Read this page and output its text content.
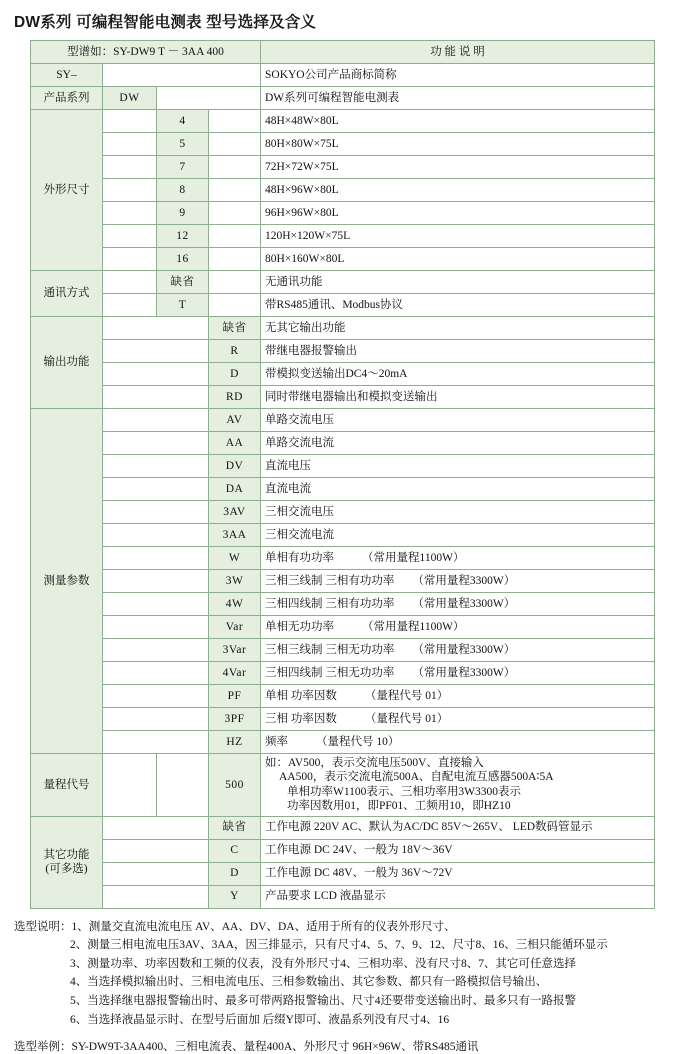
DW系列 可编程智能电测表 型号选择及含义
型谱如：SY-DW9 T － 3AA 400				功 能 说 明
SY–				SOKYO公司产品商标简称
产品系列	DW			DW系列可编程智能电测表
外形尺寸		4		48H×48W×80L
		5		80H×80W×75L
		7		72H×72W×75L
		8		48H×96W×80L
		9		96H×96W×80L
		12		120H×120W×75L
		16		80H×160W×80L
通讯方式		缺省		无通讯功能
		T		带RS485通讯、Modbus协议
输出功能			缺省	无其它输出功能
			R	带继电器报警输出
			D	带模拟变送输出DC4～20mA
			RD	同时带继电器输出和模拟变送输出
测量参数			AV	单路交流电压
			AA	单路交流电流
			DV	直流电压
			DA	直流电流
			3AV	三相交流电压
			3AA	三相交流电流
			W	单相有功功率 （常用量程1100W）
			3W	三相三线制 三相有功功率 （常用量程3300W）
			4W	三相四线制 三相有功功率 （常用量程3300W）
			Var	单相无功功率 （常用量程1100W）
			3Var	三相三线制 三相无功功率 （常用量程3300W）
			4Var	三相四线制 三相无功功率 （常用量程3300W）
			PF	单相 功率因数 （量程代号 01）
			3PF	三相 功率因数 （量程代号 01）
			HZ	频率 （量程代号 10）
量程代号			500	如：AV500，表示交流电压500V、直接输入
AA500，表示交流电流500A、自配电流互感器500A∶5A
单相功率W1100表示、三相功率用3W3300表示
功率因数用01，即PF01、工频用10，即HZ10

其它功能
(可多选)			缺省	工作电源 220V AC、默认为AC/DC 85V～265V、 LED数码管显示
			C	工作电源 DC 24V、一般为 18V～36V
			D	工作电源 DC 48V、一般为 36V～72V
			Y	产品要求 LCD 液晶显示
选型说明：1、测量交直流电流电压 AV、AA、DV、DA、适用于所有的仪表外形尺寸、
2、测量三相电流电压3AV、3AA，因三排显示，只有尺寸4、5、7、9、12、尺寸8、16、三相只能循环显示
3、测量功率、功率因数和工频的仪表，没有外形尺寸4、三相功率、没有尺寸8、7、其它可任意选择
4、当选择模拟输出时、三相电流电压、三相参数输出、其它参数、都只有一路模拟信号输出、
5、当选择继电器报警输出时、最多可带两路报警输出、尺寸4还要带变送输出时、最多只有一路报警
6、当选择液晶显示时、在型号后面加 后缀Y即可、液晶系列没有尺寸4、16
选型举例：SY-DW9T-3AA400、三相电流表、量程400A、外形尺寸 96H×96W、带RS485通讯
